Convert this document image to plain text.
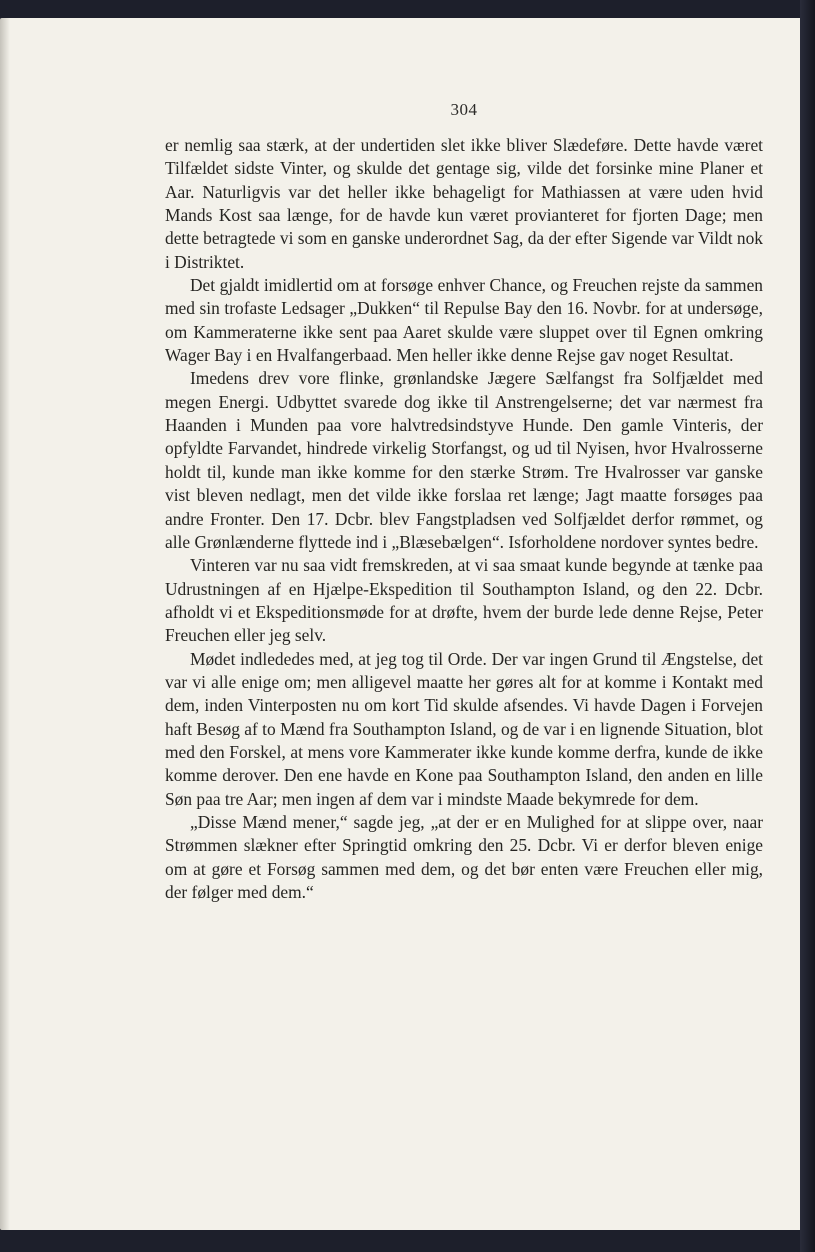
304

er nemlig saa stærk, at der undertiden slet ikke bliver Slædeføre. Dette havde været Tilfældet sidste Vinter, og skulde det gentage sig, vilde det forsinke mine Planer et Aar. Naturligvis var det heller ikke behageligt for Mathiassen at være uden hvid Mands Kost saa længe, for de havde kun været provianteret for fjorten Dage; men dette betragtede vi som en ganske underordnet Sag, da der efter Sigende var Vildt nok i Distriktet.

Det gjaldt imidlertid om at forsøge enhver Chance, og Freuchen rejste da sammen med sin trofaste Ledsager „Dukken“ til Repulse Bay den 16. Novbr. for at undersøge, om Kammeraterne ikke sent paa Aaret skulde være sluppet over til Egnen omkring Wager Bay i en Hvalfangerbaad. Men heller ikke denne Rejse gav noget Resultat.

Imedens drev vore flinke, grønlandske Jægere Sælfangst fra Solfjældet med megen Energi. Udbyttet svarede dog ikke til Anstrengelserne; det var nærmest fra Haanden i Munden paa vore halvtredsindstyve Hunde. Den gamle Vinteris, der opfyldte Farvandet, hindrede virkelig Storfangst, og ud til Nyisen, hvor Hvalrosserne holdt til, kunde man ikke komme for den stærke Strøm. Tre Hvalrosser var ganske vist bleven nedlagt, men det vilde ikke forslaa ret længe; Jagt maatte forsøges paa andre Fronter. Den 17. Dcbr. blev Fangstpladsen ved Solfjældet derfor rømmet, og alle Grønlænderne flyttede ind i „Blæsebælgen“. Isforholdene nordover syntes bedre.

Vinteren var nu saa vidt fremskreden, at vi saa smaat kunde begynde at tænke paa Udrustningen af en Hjælpe-Ekspedition til Southampton Island, og den 22. Dcbr. afholdt vi et Ekspeditionsmøde for at drøfte, hvem der burde lede denne Rejse, Peter Freuchen eller jeg selv.

Mødet indlededes med, at jeg tog til Orde. Der var ingen Grund til Ængstelse, det var vi alle enige om; men alligevel maatte her gøres alt for at komme i Kontakt med dem, inden Vinterposten nu om kort Tid skulde afsendes. Vi havde Dagen i Forvejen haft Besøg af to Mænd fra Southampton Island, og de var i en lignende Situation, blot med den Forskel, at mens vore Kammerater ikke kunde komme derfra, kunde de ikke komme derover. Den ene havde en Kone paa Southampton Island, den anden en lille Søn paa tre Aar; men ingen af dem var i mindste Maade bekymrede for dem.

„Disse Mænd mener,“ sagde jeg, „at der er en Mulighed for at slippe over, naar Strømmen slækner efter Springtid omkring den 25. Dcbr. Vi er derfor bleven enige om at gøre et Forsøg sammen med dem, og det bør enten være Freuchen eller mig, der følger med dem.“
